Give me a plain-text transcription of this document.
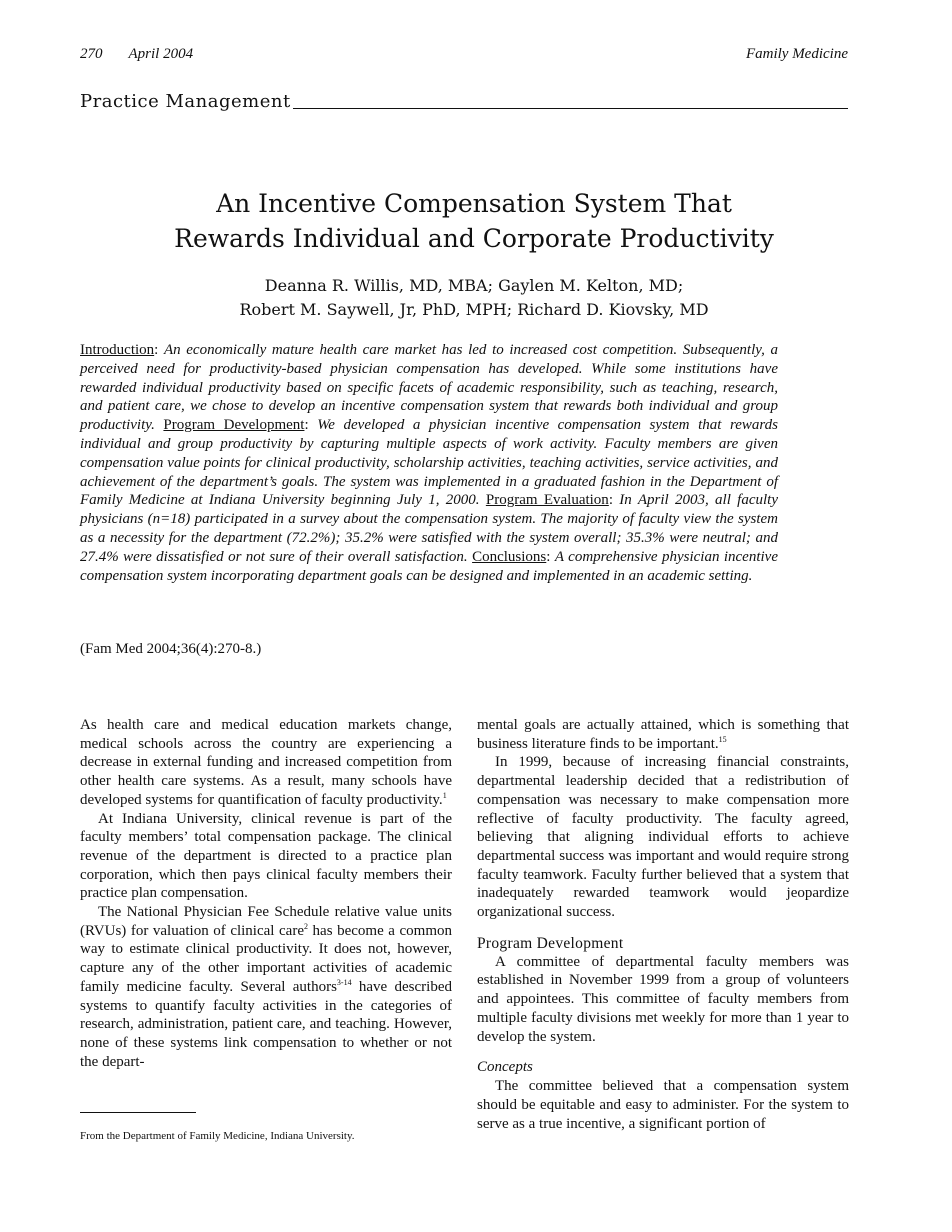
270 April 2004	Family Medicine
Practice Management
An Incentive Compensation System That
Rewards Individual and Corporate Productivity
Deanna R. Willis, MD, MBA; Gaylen M. Kelton, MD;
Robert M. Saywell, Jr, PhD, MPH; Richard D. Kiovsky, MD
Introduction: An economically mature health care market has led to increased cost competition. Subsequently, a perceived need for productivity-based physician compensation has developed. While some institutions have rewarded individual productivity based on specific facets of academic responsibility, such as teaching, research, and patient care, we chose to develop an incentive compensation system that rewards both individual and group productivity. Program Development: We developed a physician incentive compensation system that rewards individual and group productivity by capturing multiple aspects of work activity. Faculty members are given compensation value points for clinical productivity, scholarship activities, teaching activities, service activities, and achievement of the department’s goals. The system was implemented in a graduated fashion in the Department of Family Medicine at Indiana University beginning July 1, 2000. Program Evaluation: In April 2003, all faculty physicians (n=18) participated in a survey about the compensation system. The majority of faculty view the system as a necessity for the department (72.2%); 35.2% were satisfied with the system overall; 35.3% were neutral; and 27.4% were dissatisfied or not sure of their overall satisfaction. Conclusions: A comprehensive physician incentive compensation system incorporating department goals can be designed and implemented in an academic setting.
(Fam Med 2004;36(4):270-8.)

As health care and medical education markets change, medical schools across the country are experiencing a decrease in external funding and increased competition from other health care systems. As a result, many schools have developed systems for quantification of faculty productivity.$^1$

At Indiana University, clinical revenue is part of the faculty members’ total compensation package. The clinical revenue of the department is directed to a practice plan corporation, which then pays clinical faculty members their practice plan compensation.

The National Physician Fee Schedule relative value units (RVUs) for valuation of clinical care$^2$ has become a common way to estimate clinical productivity. It does not, however, capture any of the other important activities of academic family medicine faculty. Several authors$^{3-14}$ have described systems to quantify faculty activities in the categories of research, administration, patient care, and teaching. However, none of these systems link compensation to whether or not the depart-

mental goals are actually attained, which is something that business literature finds to be important.$^{15}$

In 1999, because of increasing financial constraints, departmental leadership decided that a redistribution of compensation was necessary to make compensation more reflective of faculty productivity. The faculty agreed, believing that aligning individual efforts to achieve departmental success was important and would require strong faculty teamwork. Faculty further believed that a system that inadequately rewarded teamwork would jeopardize organizational success.

Program Development

A committee of departmental faculty members was established in November 1999 from a group of volunteers and appointees. This committee of faculty members from multiple faculty divisions met weekly for more than 1 year to develop the system.

Concepts

The committee believed that a compensation system should be equitable and easy to administer. For the system to serve as a true incentive, a significant portion of

From the Department of Family Medicine, Indiana University.
